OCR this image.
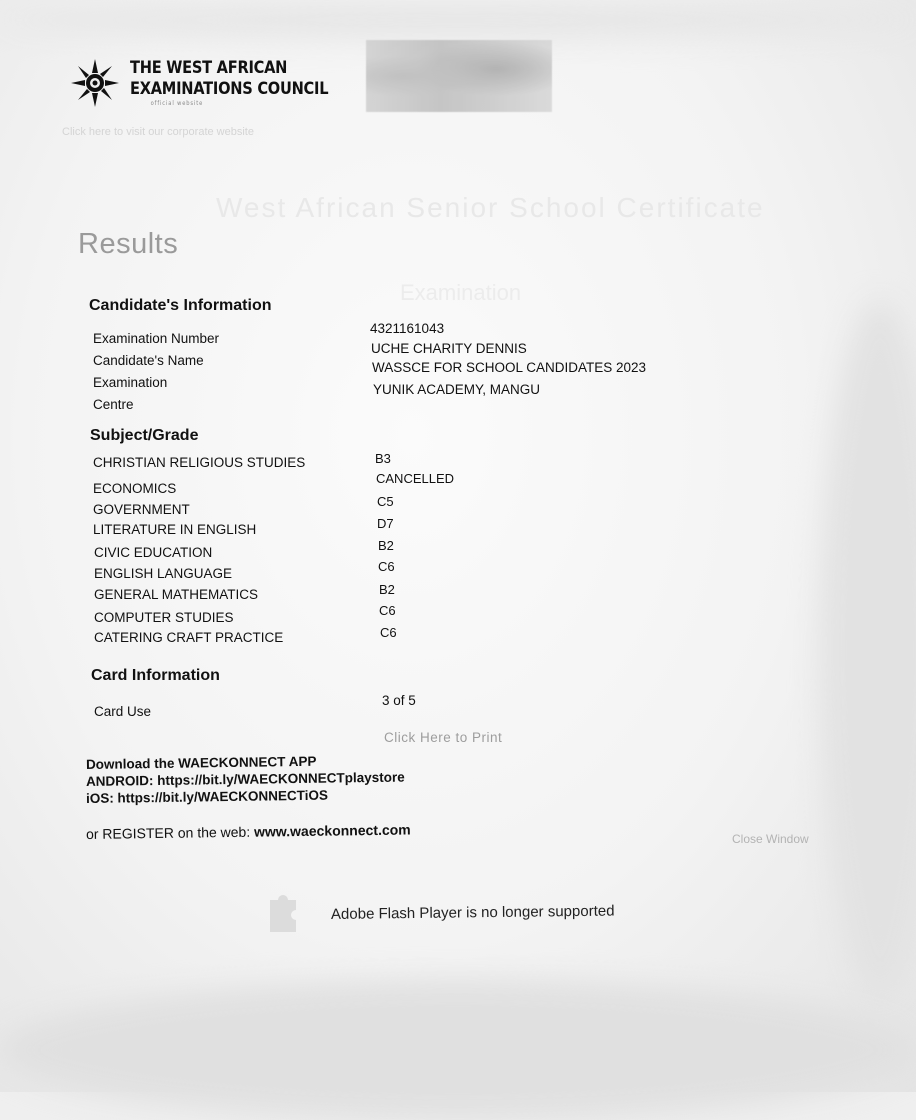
THE WEST AFRICAN
EXAMINATIONS COUNCIL
official website
Click here to visit our corporate website
West African Senior School Certificate
Examination
Results
Candidate's Information
Examination Number
Candidate's Name
Examination
Centre
4321161043
UCHE CHARITY DENNIS
WASSCE FOR SCHOOL CANDIDATES 2023
YUNIK ACADEMY, MANGU
Subject/Grade
CHRISTIAN RELIGIOUS STUDIES
ECONOMICS
GOVERNMENT
LITERATURE IN ENGLISH
CIVIC EDUCATION
ENGLISH LANGUAGE
GENERAL MATHEMATICS
COMPUTER STUDIES
CATERING CRAFT PRACTICE
B3
CANCELLED
C5
D7
B2
C6
B2
C6
C6
Card Information
Card Use
3 of 5
Click Here to Print
Download the WAECKONNECT APP
ANDROID: https://bit.ly/WAECKONNECTplaystore
iOS: https://bit.ly/WAECKONNECTiOS
or REGISTER on the web: www.waeckonnect.com	Close Window
Adobe Flash Player is no longer supported
